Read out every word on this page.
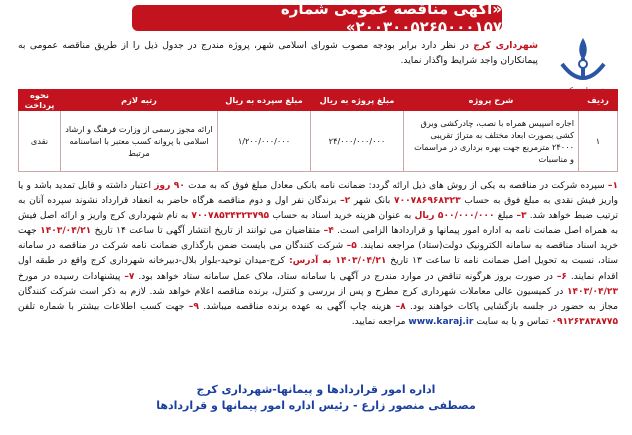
«آگهی مناقصه عمومی شماره ۲۰۰۳۰۰۵۲۶۵۰۰۰۱۵۷»
شهرداری کرج در نظر دارد برابر بودجه مصوب شورای اسلامی شهر، پروژه مندرج در جدول ذیل را از طریق مناقصه عمومی به پیمانکاران واجد شرایط واگذار نماید.
ردیف	شرح پروژه	مبلغ پروژه به ریال	مبلغ سپرده به ریال	رتبه لازم	نحوه پرداخت
۱	اجاره اسپیس همراه با نصب، چادرکشی وبرق کشی بصورت ابعاد مختلف به متراژ تقریبی ۲۴۰۰۰ مترمربع جهت بهره برداری در مراسمات و مناسبات	۲۴/۰۰۰/۰۰۰/۰۰۰	۱/۲۰۰/۰۰۰/۰۰۰	ارائه مجوز رسمی از وزارت فرهنگ و ارشاد اسلامی با پروانه کسب معتبر با اساسنامه مرتبط	نقدی
۱– سپرده شرکت در مناقصه به یکی از روش های ذیل ارائه گردد: ضمانت نامه بانکی معادل مبلغ فوق که به مدت ۹۰ روز اعتبار داشته و قابل تمدید باشد و یا واریز فیش نقدی به مبلغ فوق به حساب ۷۰۰۷۸۶۹۶۸۳۲۳ بانک شهر ۲– برندگان نفر اول و دوم مناقصه هرگاه حاضر به انعقاد قرارداد نشوند سپرده آنان به ترتیب ضبط خواهد شد. ۳– مبلغ ۵۰۰/۰۰۰/۰۰۰ ریال به عنوان هزینه خرید اسناد به حساب ۷۰۰۷۸۵۳۴۳۲۳۷۹۵ به نام شهرداری کرج واریز و ارائه اصل فیش به همراه اصل ضمانت نامه به اداره امور پیمانها و قراردادها الزامی است. ۴– متقاضیان می توانند از تاریخ انتشار آگهی تا ساعت ۱۴ تاریخ ۱۴۰۳/۰۴/۲۱ جهت خرید اسناد مناقصه به سامانه الکترونیک دولت(ستاد) مراجعه نمایند. ۵– شرکت کنندگان می بایست ضمن بارگذاری ضمانت نامه شرکت در مناقصه در سامانه ستاد، نسبت به تحویل اصل ضمانت نامه تا ساعت ۱۳ تاریخ ۱۴۰۳/۰۴/۲۱ به آدرس: کرج-میدان توحید-بلوار بلال-دبیرخانه شهرداری کرج واقع در طبقه اول اقدام نمایند. ۶– در صورت بروز هرگونه تناقض در موارد مندرج در آگهی با سامانه ستاد، ملاک عمل سامانه ستاد خواهد بود. ۷– پیشنهادات رسیده در مورخ ۱۴۰۳/۰۴/۲۳ در کمیسیون عالی معاملات شهرداری کرج مطرح و پس از بررسی و کنترل، برنده مناقصه اعلام خواهد شد. لازم به ذکر است شرکت کنندگان مجاز به حضور در جلسه بازگشایی پاکات خواهند بود. ۸– هزینه چاپ آگهی به عهده برنده مناقصه میباشد. ۹– جهت کسب اطلاعات بیشتر با شماره تلفن ۰۹۱۲۶۳۸۳۸۷۷۵ تماس و یا به سایت www.karaj.ir مراجعه نمایید.
اداره امور قراردادها و پیمانها-شهرداری کرج
مصطفی منصور زارع - رئیس اداره امور پیمانها و قراردادها
